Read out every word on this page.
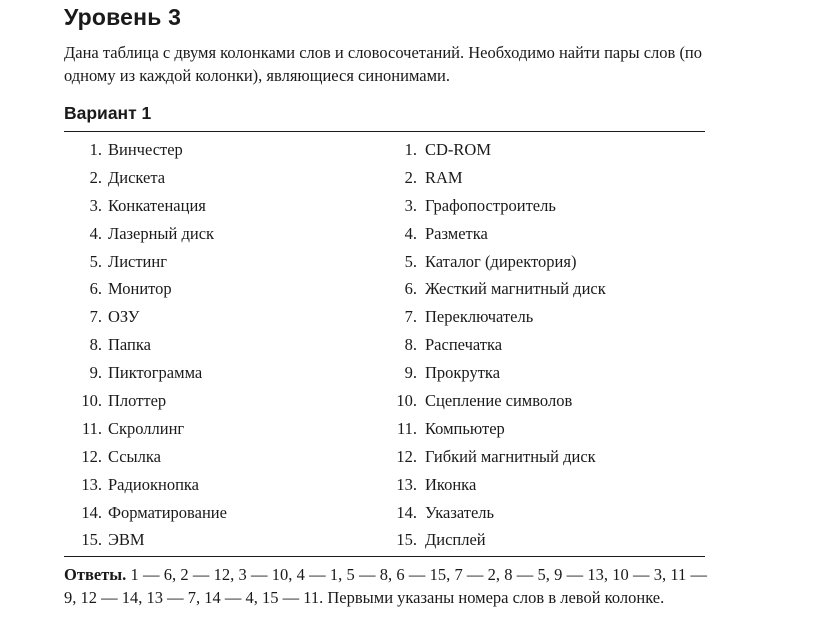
Уровень 3

Дана таблица с двумя колонками слов и словосочетаний. Необходимо найти пары слов (по одному из каждой колонки), являющиеся синонимами.

Вариант 1
1. Винчестер
2. Дискета
3. Конкатенация
4. Лазерный диск
5. Листинг
6. Монитор
7. ОЗУ
8. Папка
9. Пиктограмма
10. Плоттер
11. Скроллинг
12. Ссылка
13. Радиокнопка
14. Форматирование
15. ЭВМ
1. CD-ROM
2. RAM
3. Графопостроитель
4. Разметка
5. Каталог (директория)
6. Жесткий магнитный диск
7. Переключатель
8. Распечатка
9. Прокрутка
10. Сцепление символов
11. Компьютер
12. Гибкий магнитный диск
13. Иконка
14. Указатель
15. Дисплей

Ответы. 1 — 6, 2 — 12, 3 — 10, 4 — 1, 5 — 8, 6 — 15, 7 — 2, 8 — 5, 9 — 13, 10 — 3, 11 — 9, 12 — 14, 13 — 7, 14 — 4, 15 — 11. Первыми указаны номера слов в левой колонке.
